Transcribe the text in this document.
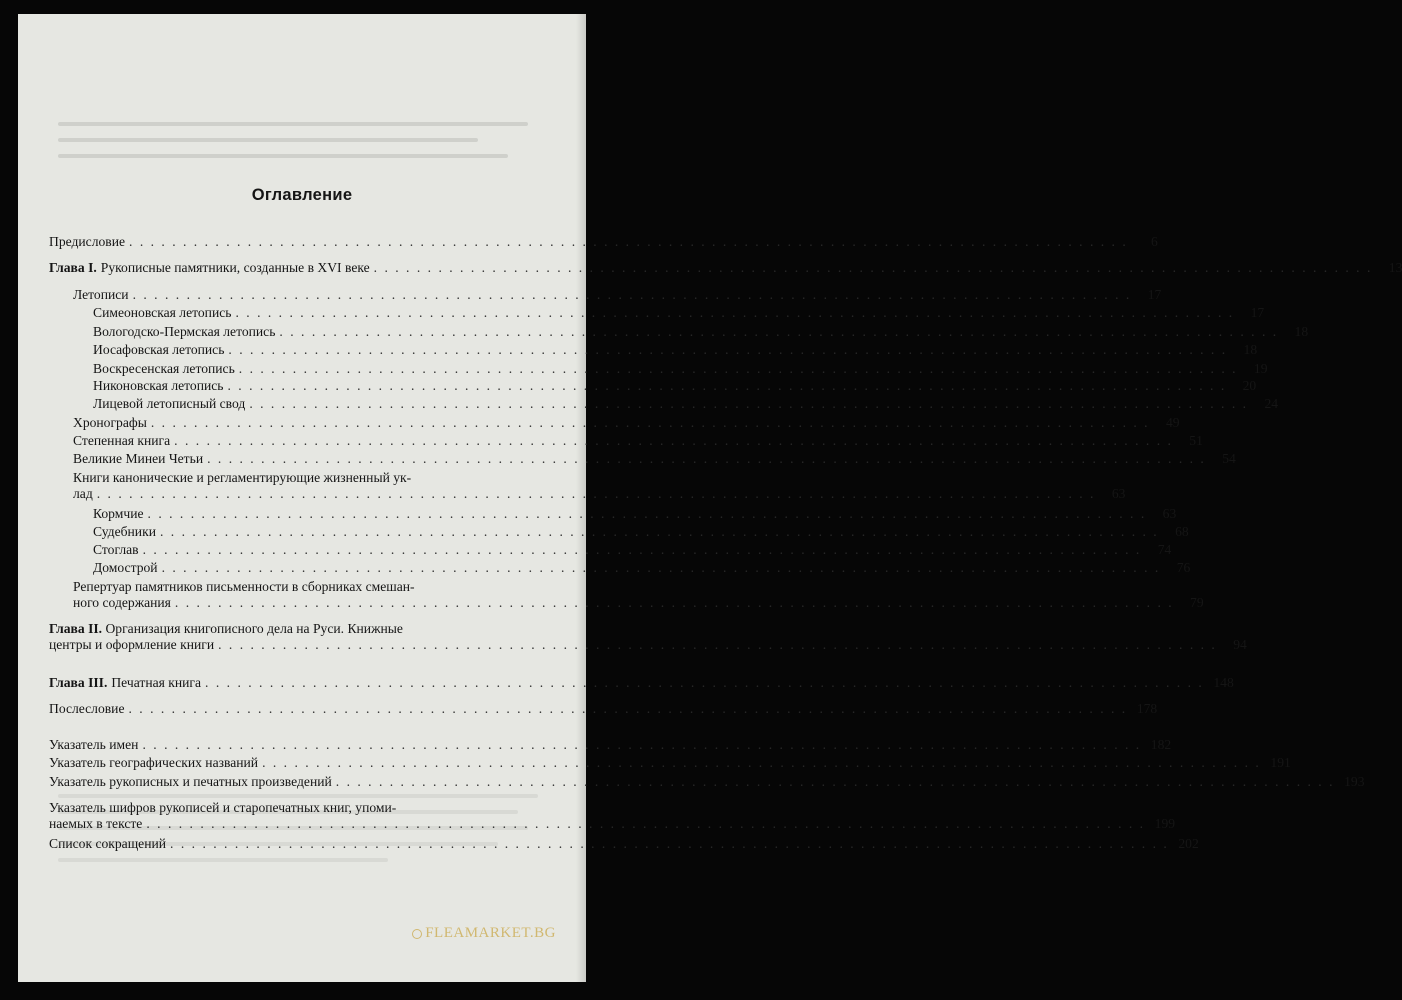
Оглавление
Предисловие . . .	6
Глава I. Рукописные памятники, созданные в XVI веке . . .	13
Летописи . . .	17
Симеоновская летопись . . .	17
Вологодско-Пермская летопись . . .	18
Иосафовская летопись . . .	18
Воскресенская летопись . . .	19
Никоновская летопись . . .	20
Лицевой летописный свод . . .	24
Хронографы . . .	49
Степенная книга . . .	51
Великие Минеи Четьи . . .	54
Книги канонические и регламентирующие жизненный ук-
лад . . .	63
Кормчие . . .	63
Судебники . . .	68
Стоглав . . .	74
Домострой . . .	76
Репертуар памятников письменности в сборниках смешан-
ного содержания . . .	79
Глава II. Организация книгописного дела на Руси. Книжные
центры и оформление книги . . .	94
Глава III. Печатная книга . . .	148
Послесловие . . .	178
Указатель имен . . .	182
Указатель географических названий . . .	191
Указатель рукописных и печатных произведений . . .	193
Указатель шифров рукописей и старопечатных книг, упоми-
наемых в тексте . . .	199
Список сокращений . . .	202
FLEAMARKET.BG
